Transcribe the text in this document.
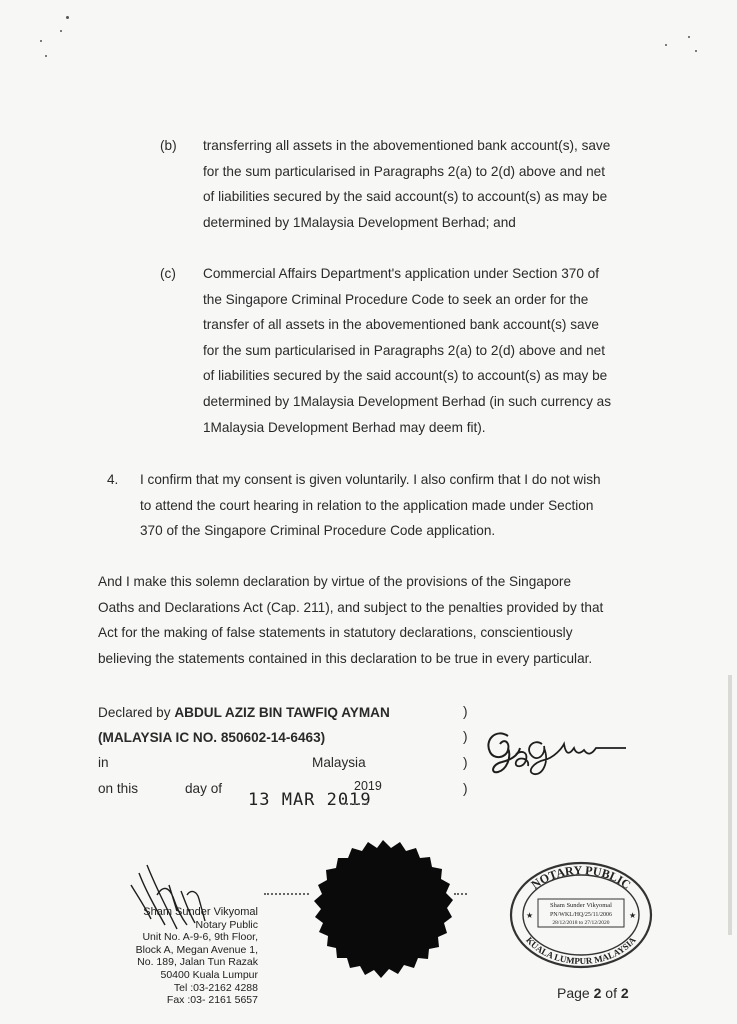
(b) transferring all assets in the abovementioned bank account(s), save
for the sum particularised in Paragraphs 2(a) to 2(d) above and net
of liabilities secured by the said account(s) to account(s) as may be
determined by 1Malaysia Development Berhad; and
(c) Commercial Affairs Department's application under Section 370 of
the Singapore Criminal Procedure Code to seek an order for the
transfer of all assets in the abovementioned bank account(s) save
for the sum particularised in Paragraphs 2(a) to 2(d) above and net
of liabilities secured by the said account(s) to account(s) as may be
determined by 1Malaysia Development Berhad (in such currency as
1Malaysia Development Berhad may deem fit).
4. I confirm that my consent is given voluntarily. I also confirm that I do not wish
to attend the court hearing in relation to the application made under Section
370 of the Singapore Criminal Procedure Code application.
And I make this solemn declaration by virtue of the provisions of the Singapore
Oaths and Declarations Act (Cap. 211), and subject to the penalties provided by that
Act for the making of false statements in statutory declarations, conscientiously
believing the statements contained in this declaration to be true in every particular.
Declared by ABDUL AZIZ BIN TAWFIQ AYMAN
(MALAYSIA IC NO. 850602-14-6463)
in	Malaysia
on this	day of	2019
13 MAR 2019
)
)
)
)
Sham Sunder Vikyomal
Notary Public
Unit No. A-9-6, 9th Floor,
Block A, Megan Avenue 1,
No. 189, Jalan Tun Razak
50400 Kuala Lumpur
Tel :03-2162 4288
Fax :03- 2161 5657
NOTARY PUBLIC
KUALA LUMPUR MALAYSIA
Sham Sunder Vikyomal
PN/WKL/HQ/25/11/2006
28/12/2018 to 27/12/2020
★	★
Page 2 of 2
